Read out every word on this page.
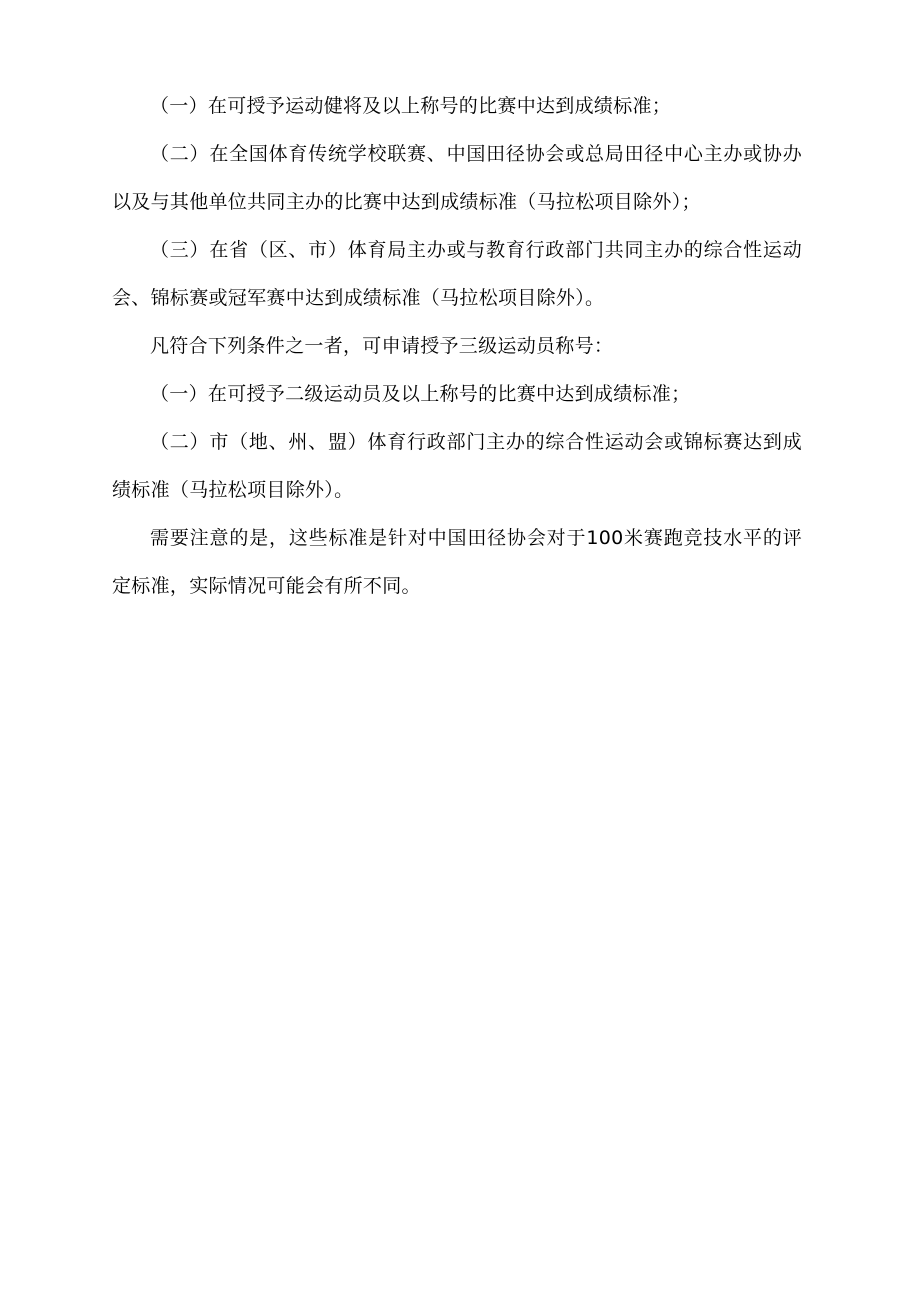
（一）在可授予运动健将及以上称号的比赛中达到成绩标准；

（二）在全国体育传统学校联赛、中国田径协会或总局田径中心主办或协办以及与其他单位共同主办的比赛中达到成绩标准（马拉松项目除外）；

（三）在省（区、市）体育局主办或与教育行政部门共同主办的综合性运动会、锦标赛或冠军赛中达到成绩标准（马拉松项目除外）。

凡符合下列条件之一者，可申请授予三级运动员称号：

（一）在可授予二级运动员及以上称号的比赛中达到成绩标准；

（二）市（地、州、盟）体育行政部门主办的综合性运动会或锦标赛达到成绩标准（马拉松项目除外）。

需要注意的是，这些标准是针对中国田径协会对于100米赛跑竞技水平的评定标准，实际情况可能会有所不同。
